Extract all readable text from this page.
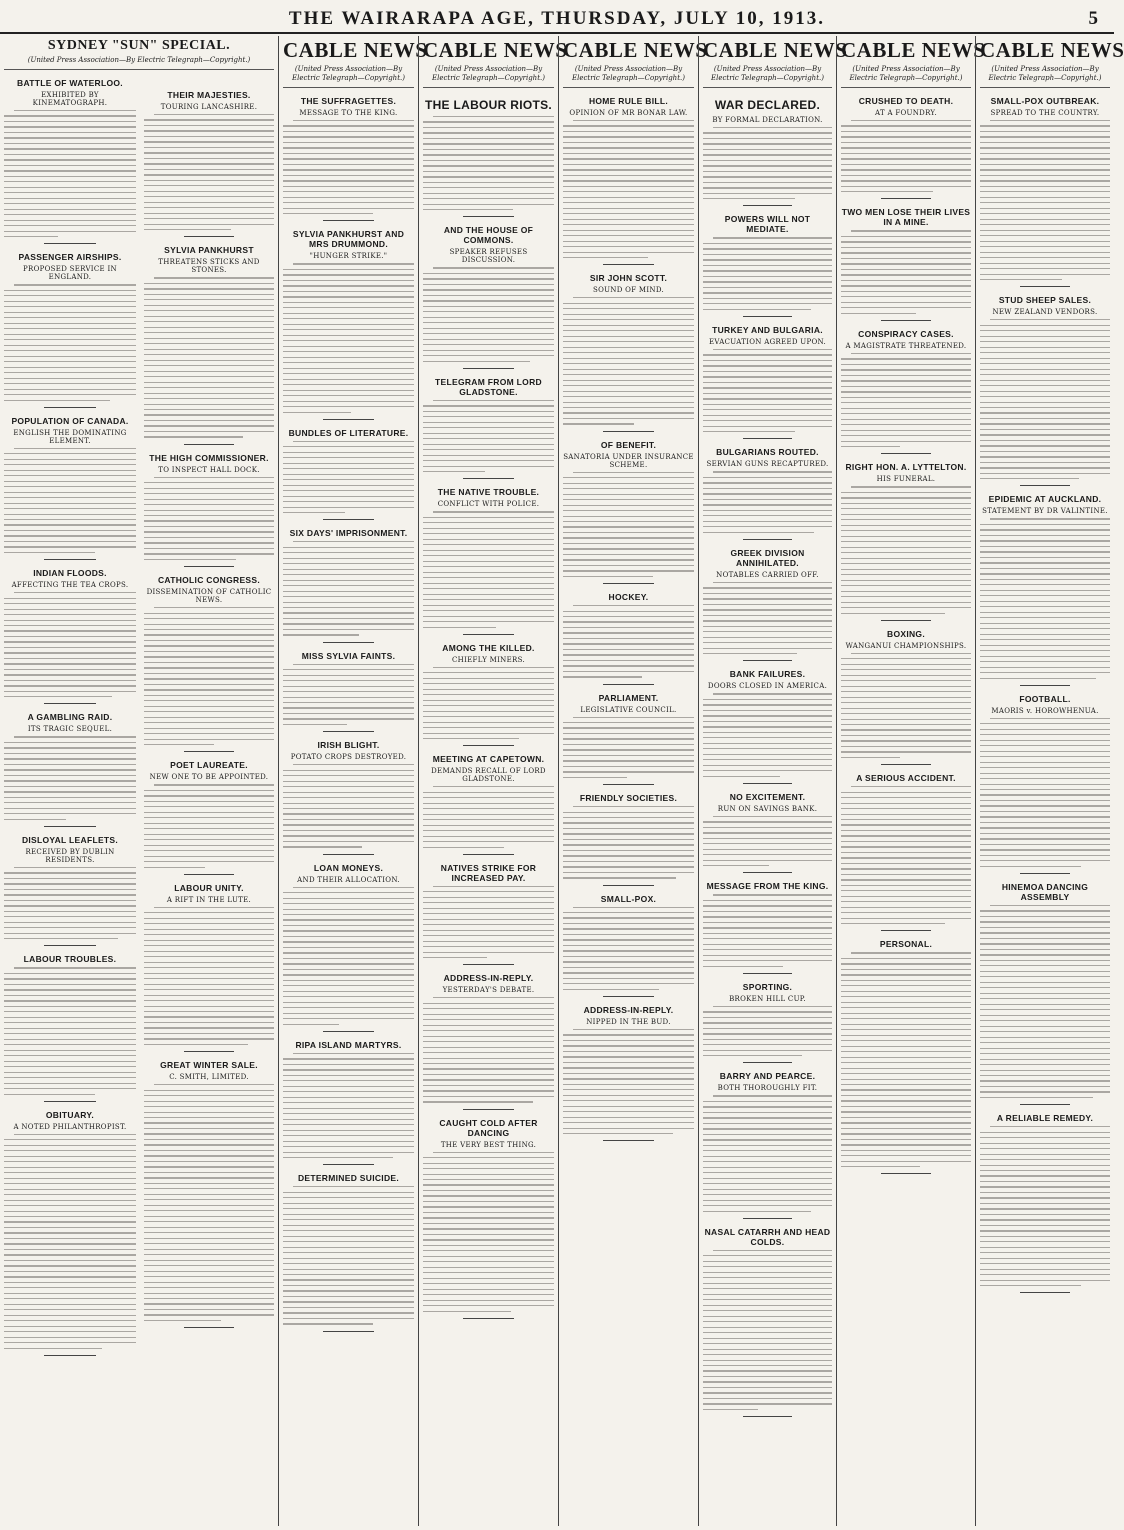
THE WAIRARAPA AGE, THURSDAY, JULY 10, 1913.	5
SYDNEY "SUN" SPECIAL.
(United Press Association—By Electric Telegraph—Copyright.)
BATTLE OF WATERLOO.
EXHIBITED BY KINEMATOGRAPH.
PASSENGER AIRSHIPS.
PROPOSED SERVICE IN ENGLAND.
POPULATION OF CANADA.
ENGLISH THE DOMINATING ELEMENT.
INDIAN FLOODS.
AFFECTING THE TEA CROPS.
A GAMBLING RAID.
ITS TRAGIC SEQUEL.
DISLOYAL LEAFLETS.
RECEIVED BY DUBLIN RESIDENTS.
LABOUR TROUBLES.
OBITUARY.
A NOTED PHILANTHROPIST.
THEIR MAJESTIES.
TOURING LANCASHIRE.
SYLVIA PANKHURST
THREATENS STICKS AND STONES.
THE HIGH COMMISSIONER.
TO INSPECT HALL DOCK.
CATHOLIC CONGRESS.
DISSEMINATION OF CATHOLIC NEWS.
POET LAUREATE.
NEW ONE TO BE APPOINTED.
LABOUR UNITY.
A RIFT IN THE LUTE.
GREAT WINTER SALE.
C. SMITH, LIMITED.
CABLE NEWS
(United Press Association—By Electric Telegraph—Copyright.)
THE SUFFRAGETTES.
MESSAGE TO THE KING.
SYLVIA PANKHURST AND MRS DRUMMOND.
"HUNGER STRIKE."
BUNDLES OF LITERATURE.
SIX DAYS' IMPRISONMENT.
MISS SYLVIA FAINTS.
IRISH BLIGHT.
POTATO CROPS DESTROYED.
LOAN MONEYS.
AND THEIR ALLOCATION.
RIPA ISLAND MARTYRS.
DETERMINED SUICIDE.
CABLE NEWS
(United Press Association—By Electric Telegraph—Copyright.)
THE LABOUR RIOTS.
AND THE HOUSE OF COMMONS.
SPEAKER REFUSES DISCUSSION.
TELEGRAM FROM LORD GLADSTONE.
THE NATIVE TROUBLE.
CONFLICT WITH POLICE.
AMONG THE KILLED.
CHIEFLY MINERS.
MEETING AT CAPETOWN.
DEMANDS RECALL OF LORD GLADSTONE.
NATIVES STRIKE FOR INCREASED PAY.
ADDRESS-IN-REPLY.
YESTERDAY'S DEBATE.
CAUGHT COLD AFTER DANCING
THE VERY BEST THING.
CABLE NEWS
(United Press Association—By Electric Telegraph—Copyright.)
HOME RULE BILL.
OPINION OF MR BONAR LAW.
SIR JOHN SCOTT.
SOUND OF MIND.
OF BENEFIT.
SANATORIA UNDER INSURANCE SCHEME.
HOCKEY.
PARLIAMENT.
LEGISLATIVE COUNCIL.
FRIENDLY SOCIETIES.
SMALL-POX.
ADDRESS-IN-REPLY.
NIPPED IN THE BUD.
CABLE NEWS
(United Press Association—By Electric Telegraph—Copyright.)
WAR DECLARED.
BY FORMAL DECLARATION.
POWERS WILL NOT MEDIATE.
TURKEY AND BULGARIA.
EVACUATION AGREED UPON.
BULGARIANS ROUTED.
SERVIAN GUNS RECAPTURED.
GREEK DIVISION ANNIHILATED.
NOTABLES CARRIED OFF.
BANK FAILURES.
DOORS CLOSED IN AMERICA.
NO EXCITEMENT.
RUN ON SAVINGS BANK.
MESSAGE FROM THE KING.
SPORTING.
BROKEN HILL CUP.
BARRY AND PEARCE.
BOTH THOROUGHLY FIT.
NASAL CATARRH AND HEAD COLDS.
CABLE NEWS
(United Press Association—By Electric Telegraph—Copyright.)
CRUSHED TO DEATH.
AT A FOUNDRY.
TWO MEN LOSE THEIR LIVES IN A MINE.
CONSPIRACY CASES.
A MAGISTRATE THREATENED.
RIGHT HON. A. LYTTELTON.
HIS FUNERAL.
BOXING.
WANGANUI CHAMPIONSHIPS.
A SERIOUS ACCIDENT.
PERSONAL.
CABLE NEWS
(United Press Association—By Electric Telegraph—Copyright.)
SMALL-POX OUTBREAK.
SPREAD TO THE COUNTRY.
STUD SHEEP SALES.
NEW ZEALAND VENDORS.
EPIDEMIC AT AUCKLAND.
STATEMENT BY DR VALINTINE.
FOOTBALL.
MAORIS v. HOROWHENUA.
HINEMOA DANCING ASSEMBLY
A RELIABLE REMEDY.
